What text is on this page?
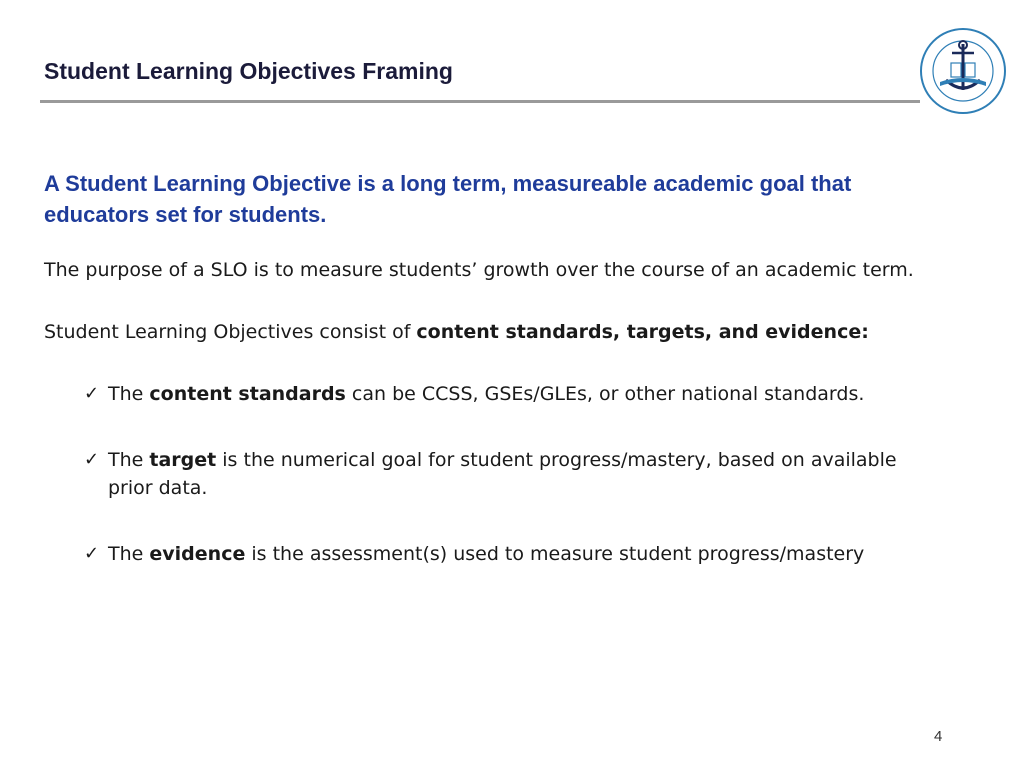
Student Learning Objectives Framing

A Student Learning Objective is a long term, measureable academic goal that educators set for students.

The purpose of a SLO is to measure students’ growth over the course of an academic term.

Student Learning Objectives consist of content standards, targets, and evidence:

✓ The content standards can be CCSS, GSEs/GLEs, or other national standards.
✓ The target is the numerical goal for student progress/mastery, based on available prior data.
✓ The evidence is the assessment(s) used to measure student progress/mastery
4
